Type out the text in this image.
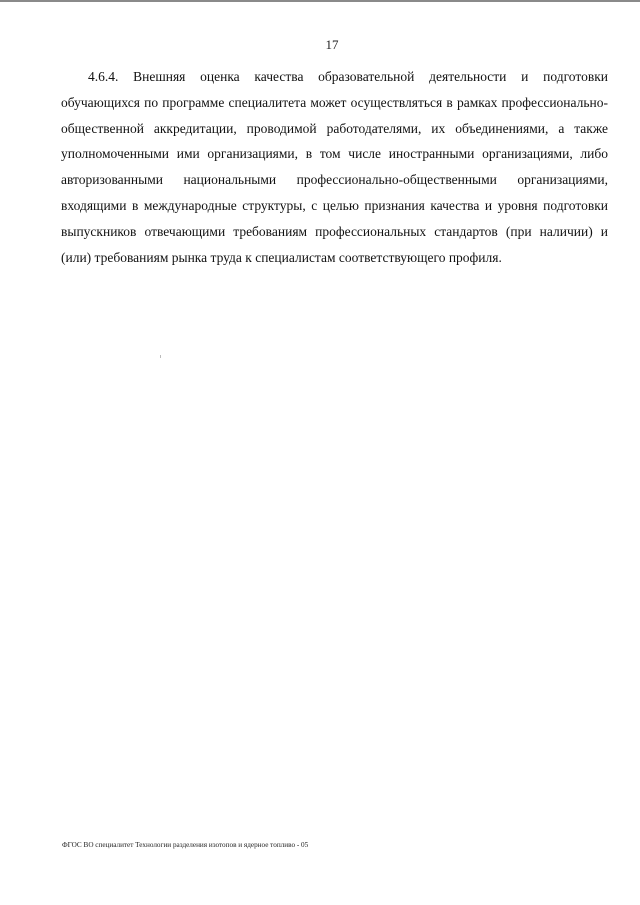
17

4.6.4. Внешняя оценка качества образовательной деятельности и подготовки обучающихся по программе специалитета может осуществляться в рамках профессионально-общественной аккредитации, проводимой работодателями, их объединениями, а также уполномоченными ими организациями, в том числе иностранными организациями, либо авторизованными национальными профессионально-общественными организациями, входящими в международные структуры, с целью признания качества и уровня подготовки выпускников отвечающими требованиям профессиональных стандартов (при наличии) и (или) требованиям рынка труда к специалистам соответствующего профиля.

ФГОС ВО специалитет Технологии разделения изотопов и ядерное топливо - 05
